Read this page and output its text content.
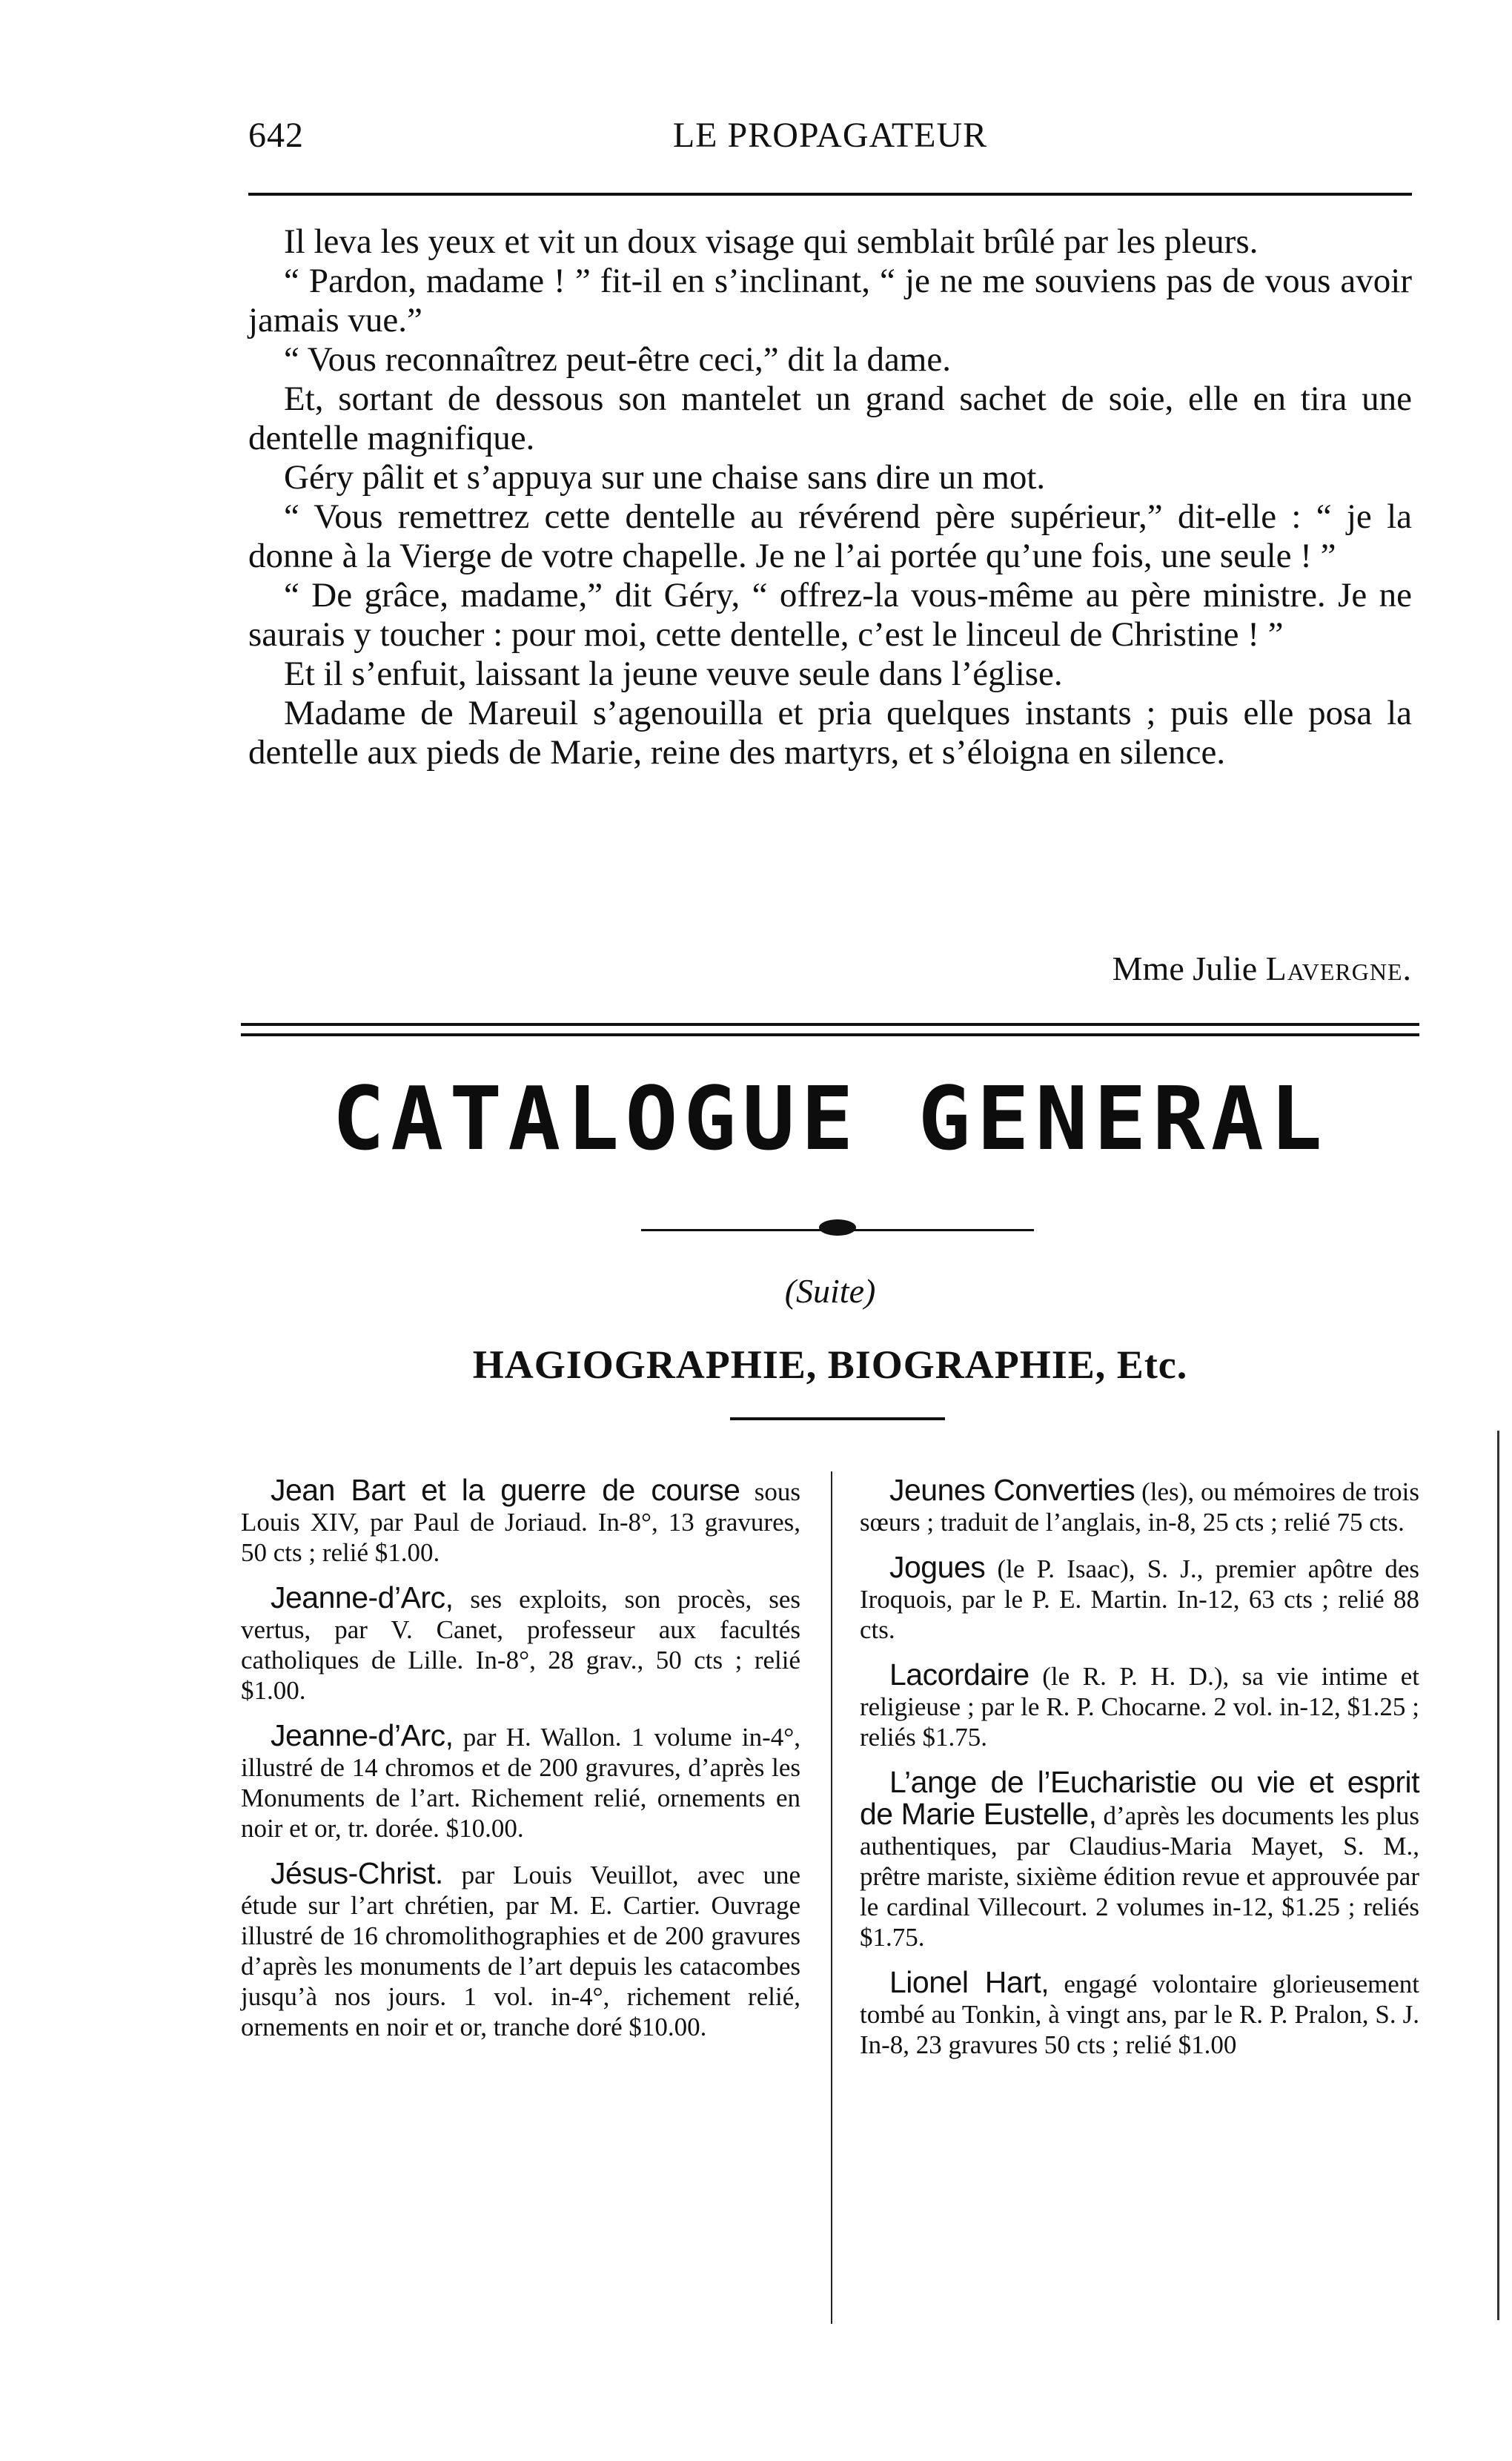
642	LE PROPAGATEUR

Il leva les yeux et vit un doux visage qui semblait brûlé par les pleurs.

“ Pardon, madame ! ” fit-il en s’inclinant, “ je ne me souviens pas de vous avoir jamais vue.”

“ Vous reconnaîtrez peut-être ceci,” dit la dame.

Et, sortant de dessous son mantelet un grand sachet de soie, elle en tira une dentelle magnifique.

Géry pâlit et s’appuya sur une chaise sans dire un mot.

“ Vous remettrez cette dentelle au révérend père supérieur,” dit-elle : “ je la donne à la Vierge de votre chapelle. Je ne l’ai portée qu’une fois, une seule ! ”

“ De grâce, madame,” dit Géry, “ offrez-la vous-même au père ministre. Je ne saurais y toucher : pour moi, cette dentelle, c’est le linceul de Christine ! ”

Et il s’enfuit, laissant la jeune veuve seule dans l’église.

Madame de Mareuil s’agenouilla et pria quelques instants ; puis elle posa la dentelle aux pieds de Marie, reine des martyrs, et s’éloigna en silence.

Mme Julie Lavergne.
CATALOGUE GENERAL
(Suite)
HAGIOGRAPHIE, BIOGRAPHIE, Etc.

Jean Bart et la guerre de course sous Louis XIV, par Paul de Joriaud. In-8°, 13 gravures, 50 cts ; relié $1.00.

Jeanne-d’Arc, ses exploits, son procès, ses vertus, par V. Canet, professeur aux facultés catholiques de Lille. In-8°, 28 grav., 50 cts ; relié $1.00.

Jeanne-d’Arc, par H. Wallon. 1 volume in-4°, illustré de 14 chromos et de 200 gravures, d’après les Monuments de l’art. Richement relié, ornements en noir et or, tr. dorée. $10.00.

Jésus-Christ. par Louis Veuillot, avec une étude sur l’art chrétien, par M. E. Cartier. Ouvrage illustré de 16 chromolithographies et de 200 gravures d’après les monuments de l’art depuis les catacombes jusqu’à nos jours. 1 vol. in-4°, richement relié, ornements en noir et or, tranche doré $10.00.

Jeunes Converties (les), ou mémoires de trois sœurs ; traduit de l’anglais, in-8, 25 cts ; relié 75 cts.

Jogues (le P. Isaac), S. J., premier apôtre des Iroquois, par le P. E. Martin. In-12, 63 cts ; relié 88 cts.

Lacordaire (le R. P. H. D.), sa vie intime et religieuse ; par le R. P. Chocarne. 2 vol. in-12, $1.25 ; reliés $1.75.

L’ange de l’Eucharistie ou vie et esprit de Marie Eustelle, d’après les documents les plus authentiques, par Claudius-Maria Mayet, S. M., prêtre mariste, sixième édition revue et approuvée par le cardinal Villecourt. 2 volumes in-12, $1.25 ; reliés $1.75.

Lionel Hart, engagé volontaire glorieusement tombé au Tonkin, à vingt ans, par le R. P. Pralon, S. J. In-8, 23 gravures 50 cts ; relié $1.00
